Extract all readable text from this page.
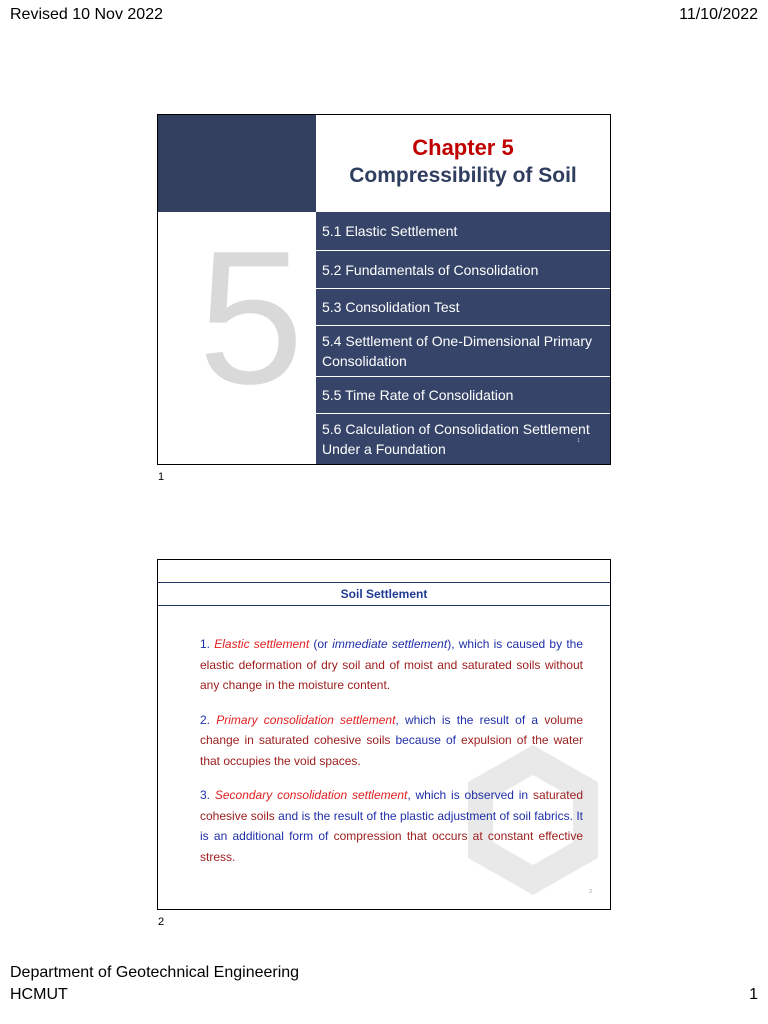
Revised 10 Nov 2022	11/10/2022
5
Chapter 5
Compressibility of Soil
5.1 Elastic Settlement
5.2 Fundamentals of Consolidation
5.3 Consolidation Test
5.4 Settlement of One-Dimensional Primary Consolidation
5.5 Time Rate of Consolidation
5.6 Calculation of Consolidation Settlement Under a Foundation	1
1
Soil Settlement

1. Elastic settlement (or immediate settlement), which is caused by the elastic deformation of dry soil and of moist and saturated soils without any change in the moisture content.

2. Primary consolidation settlement, which is the result of a volume change in saturated cohesive soils because of expulsion of the water that occupies the void spaces.

3. Secondary consolidation settlement, which is observed in saturated cohesive soils and is the result of the plastic adjustment of soil fabrics. It is an additional form of compression that occurs at constant effective stress.

2
2
Department of Geotechnical Engineering
HCMUT	1
